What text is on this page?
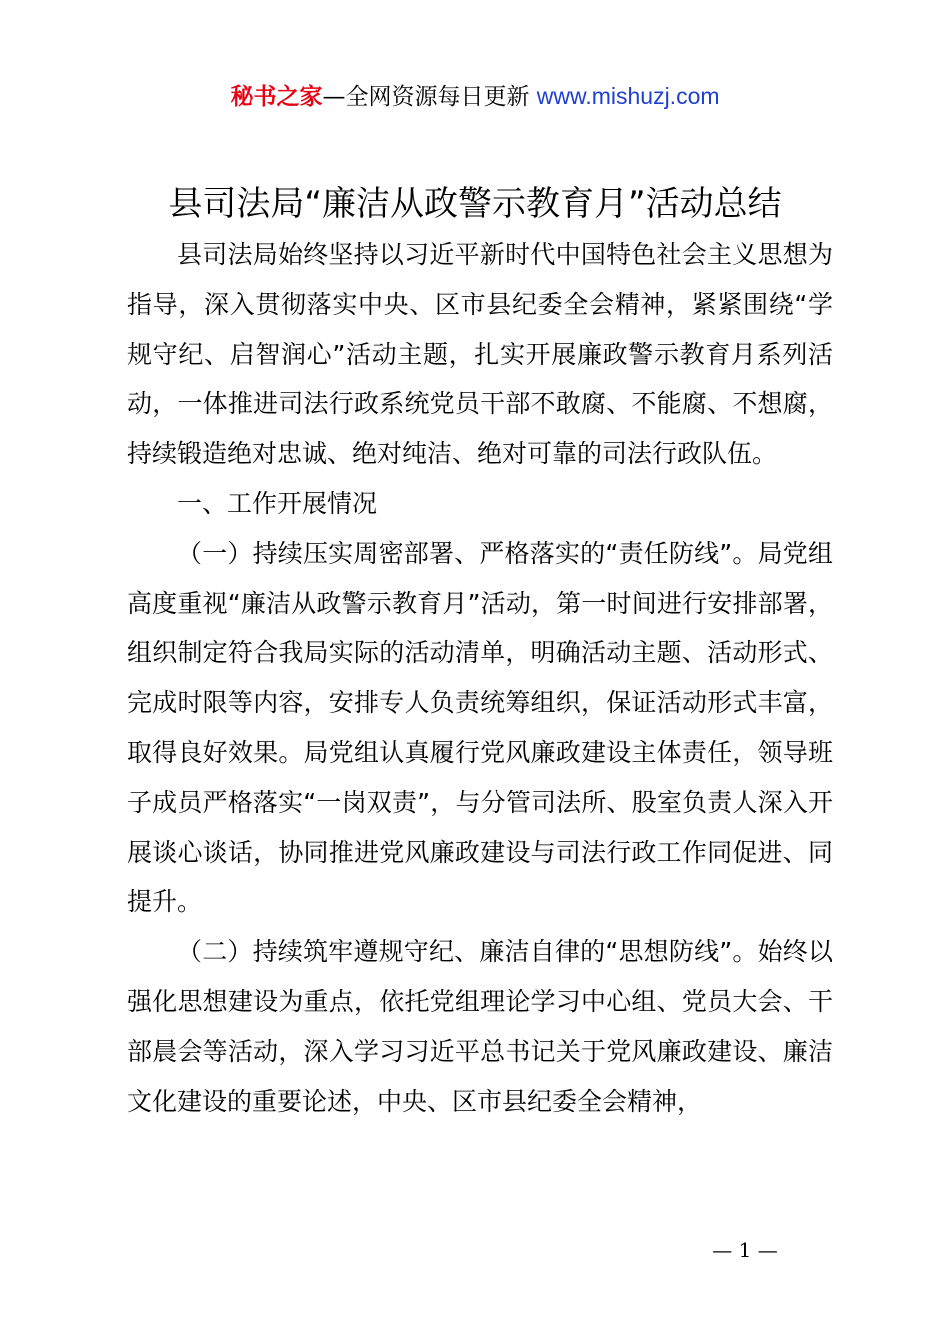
秘书之家—全网资源每日更新 www.mishuzj.com
县司法局“廉洁从政警示教育月”活动总结

县司法局始终坚持以习近平新时代中国特色社会主义思想为指导，深入贯彻落实中央、区市县纪委全会精神，紧紧围绕“学规守纪、启智润心”活动主题，扎实开展廉政警示教育月系列活动，一体推进司法行政系统党员干部不敢腐、不能腐、不想腐，持续锻造绝对忠诚、绝对纯洁、绝对可靠的司法行政队伍。

一、工作开展情况

（一）持续压实周密部署、严格落实的“责任防线”。局党组高度重视“廉洁从政警示教育月”活动，第一时间进行安排部署，组织制定符合我局实际的活动清单，明确活动主题、活动形式、完成时限等内容，安排专人负责统筹组织，保证活动形式丰富，取得良好效果。局党组认真履行党风廉政建设主体责任，领导班子成员严格落实“一岗双责”，与分管司法所、股室负责人深入开展谈心谈话，协同推进党风廉政建设与司法行政工作同促进、同提升。

（二）持续筑牢遵规守纪、廉洁自律的“思想防线”。始终以强化思想建设为重点，依托党组理论学习中心组、党员大会、干部晨会等活动，深入学习习近平总书记关于党风廉政建设、廉洁文化建设的重要论述，中央、区市县纪委全会精神，

— 1 —
